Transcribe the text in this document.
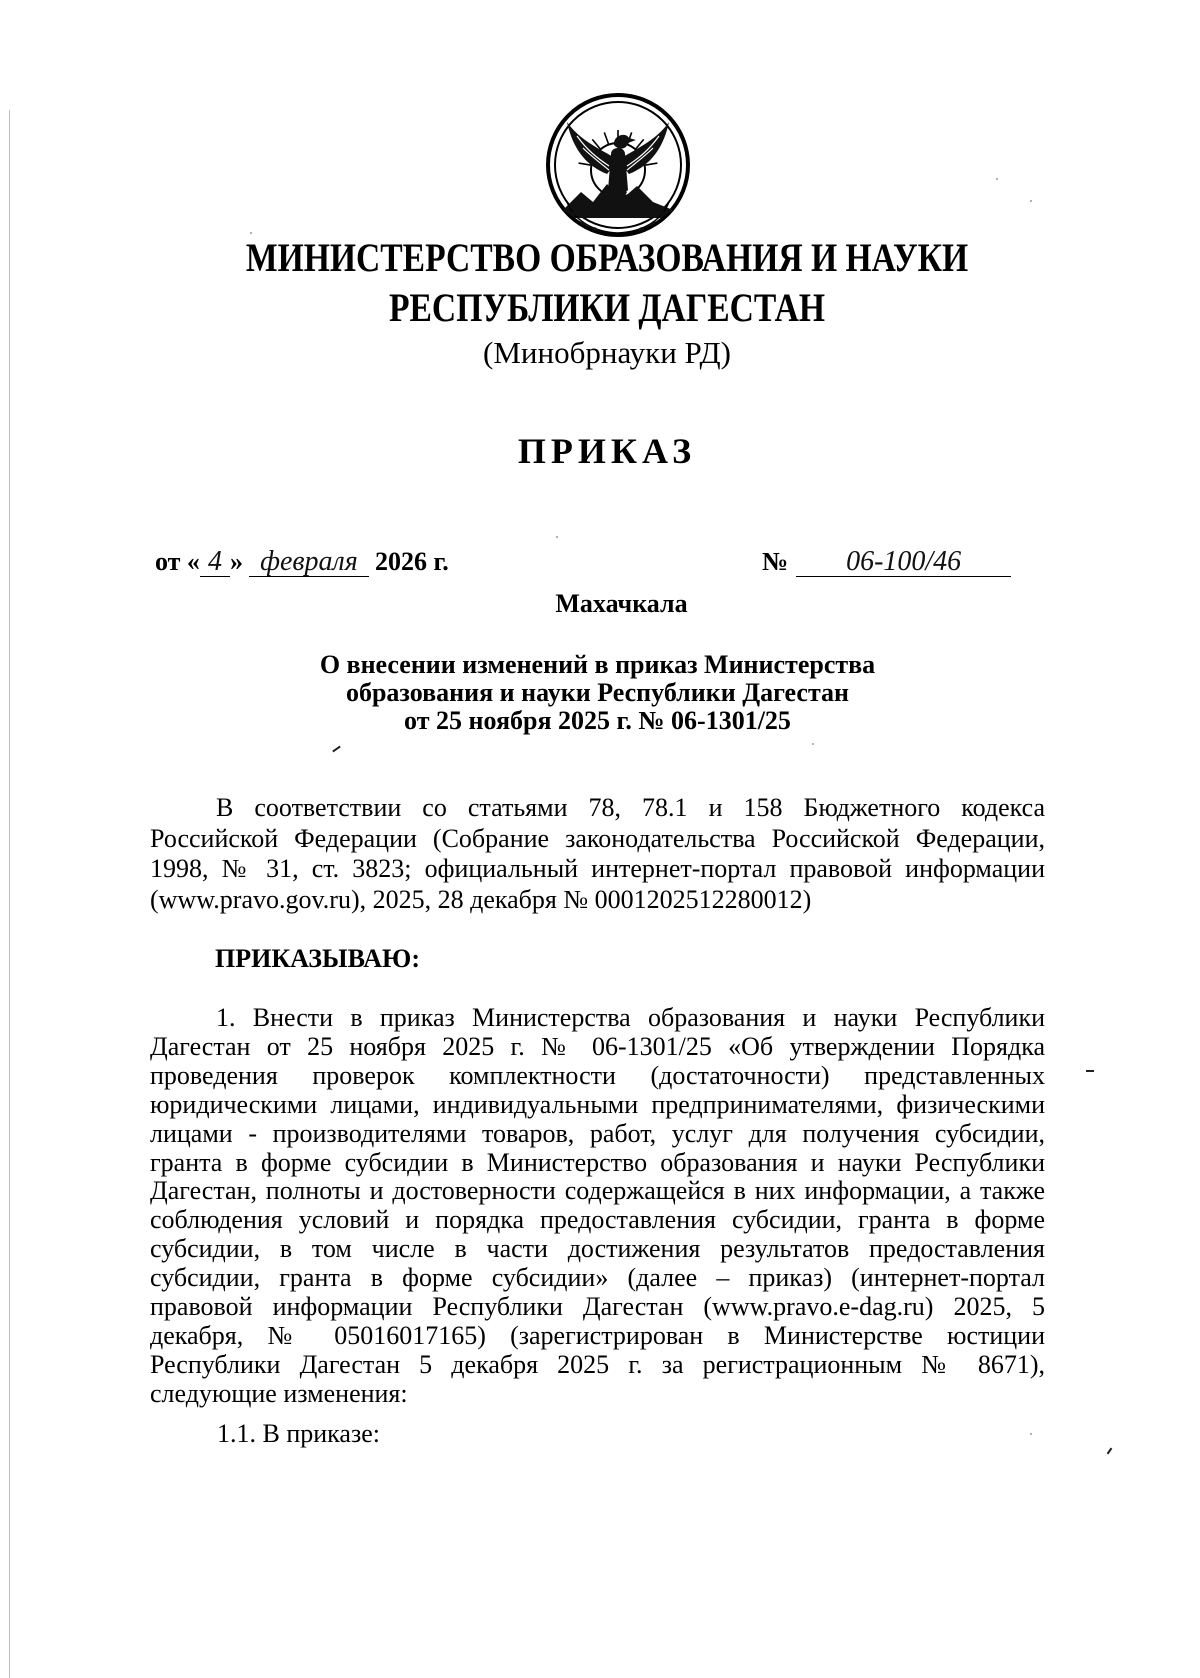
МИНИСТЕРСТВО ОБРАЗОВАНИЯ И НАУКИ
РЕСПУБЛИКИ ДАГЕСТАН
(Минобрнауки РД)
ПРИКАЗ
от « 4 » февраля 2026 г.	№ 06-100/46
Махачкала
О внесении изменений в приказ Министерства
образования и науки Республики Дагестан
от 25 ноября 2025 г. № 06-1301/25

В соответствии со статьями 78, 78.1 и 158 Бюджетного кодекса Российской Федерации (Собрание законодательства Российской Федерации, 1998, № 31, ст. 3823; официальный интернет-портал правовой информации (www.pravo.gov.ru), 2025, 28 декабря № 0001202512280012)

ПРИКАЗЫВАЮ:

1. Внести в приказ Министерства образования и науки Республики Дагестан от 25 ноября 2025 г. № 06-1301/25 «Об утверждении Порядка проведения проверок комплектности (достаточности) представленных юридическими лицами, индивидуальными предпринимателями, физическими лицами - производителями товаров, работ, услуг для получения субсидии, гранта в форме субсидии в Министерство образования и науки Республики Дагестан, полноты и достоверности содержащейся в них информации, а также соблюдения условий и порядка предоставления субсидии, гранта в форме субсидии, в том числе в части достижения результатов предоставления субсидии, гранта в форме субсидии» (далее – приказ) (интернет-портал правовой информации Республики Дагестан (www.pravo.e-dag.ru) 2025, 5 декабря, № 05016017165) (зарегистрирован в Министерстве юстиции Республики Дагестан 5 декабря 2025 г. за регистрационным № 8671), следующие изменения:

1.1. В приказе:
